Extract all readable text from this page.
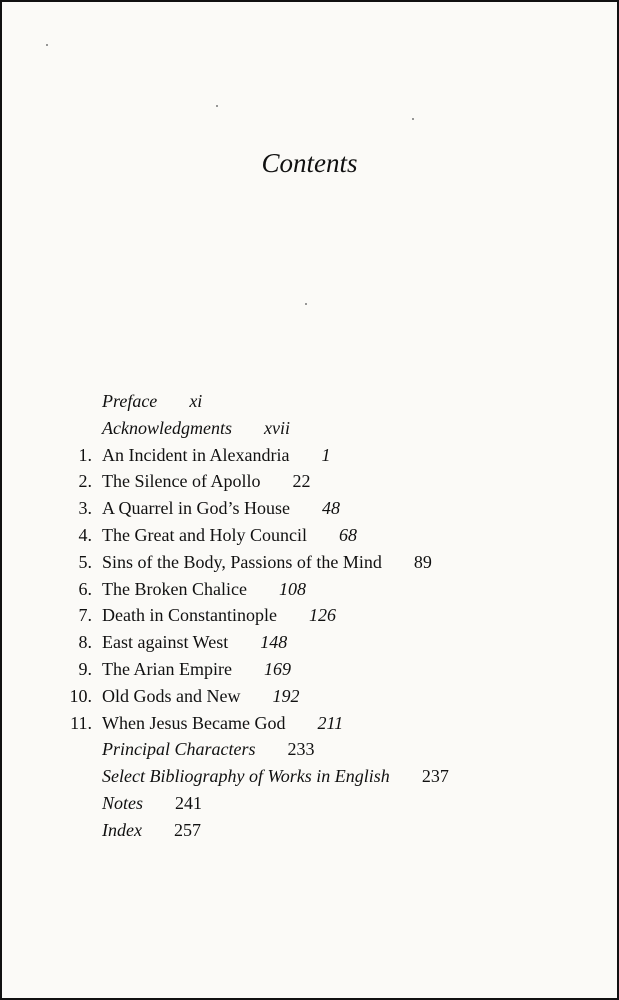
Contents
Preface xi
Acknowledgments xvii
1. An Incident in Alexandria 1
2. The Silence of Apollo 22
3. A Quarrel in God’s House 48
4. The Great and Holy Council 68
5. Sins of the Body, Passions of the Mind 89
6. The Broken Chalice 108
7. Death in Constantinople 126
8. East against West 148
9. The Arian Empire 169
10. Old Gods and New 192
11. When Jesus Became God 211
Principal Characters 233
Select Bibliography of Works in English 237
Notes 241
Index 257
